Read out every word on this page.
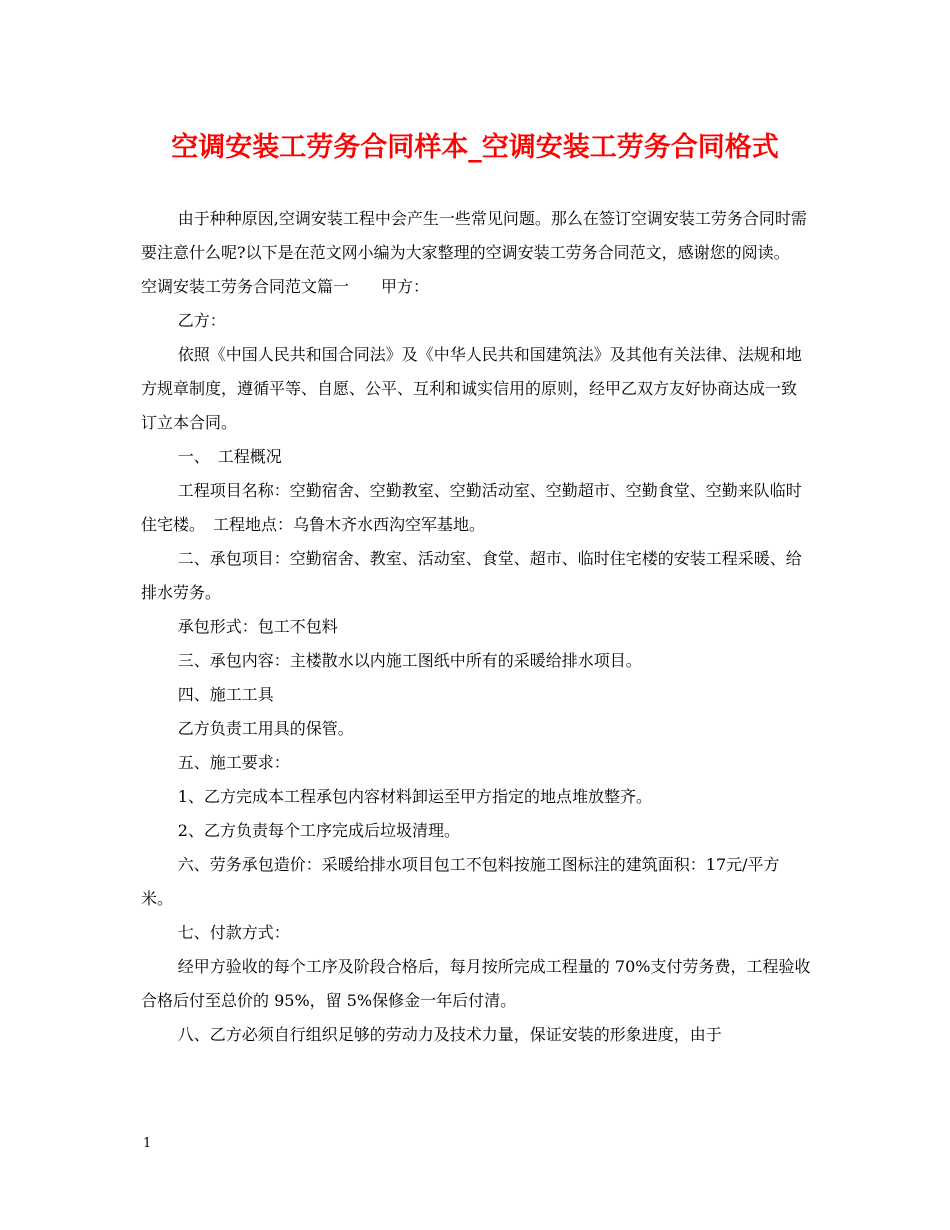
空调安装工劳务合同样本_空调安装工劳务合同格式

由于种种原因,空调安装工程中会产生一些常见问题。那么在签订空调安装工劳务合同时需要注意什么呢?以下是在范文网小编为大家整理的空调安装工劳务合同范文，感谢您的阅读。

空调安装工劳务合同范文篇一　　甲方：

乙方：

依照《中国人民共和国合同法》及《中华人民共和国建筑法》及其他有关法律、法规和地方规章制度，遵循平等、自愿、公平、互利和诚实信用的原则，经甲乙双方友好协商达成一致订立本合同。

一、　工程概况

工程项目名称：空勤宿舍、空勤教室、空勤活动室、空勤超市、空勤食堂、空勤来队临时住宅楼。　工程地点：乌鲁木齐水西沟空军基地。

二、承包项目：空勤宿舍、教室、活动室、食堂、超市、临时住宅楼的安装工程采暖、给排水劳务。

承包形式：包工不包料

三、承包内容：主楼散水以内施工图纸中所有的采暖给排水项目。

四、施工工具

乙方负责工用具的保管。

五、施工要求：

1、乙方完成本工程承包内容材料卸运至甲方指定的地点堆放整齐。

2、乙方负责每个工序完成后垃圾清理。

六、劳务承包造价：采暖给排水项目包工不包料按施工图标注的建筑面积：17元/平方米。

七、付款方式：

经甲方验收的每个工序及阶段合格后，每月按所完成工程量的 70%支付劳务费，工程验收合格后付至总价的 95%，留 5%保修金一年后付清。

八、乙方必须自行组织足够的劳动力及技术力量，保证安装的形象进度，由于

1
